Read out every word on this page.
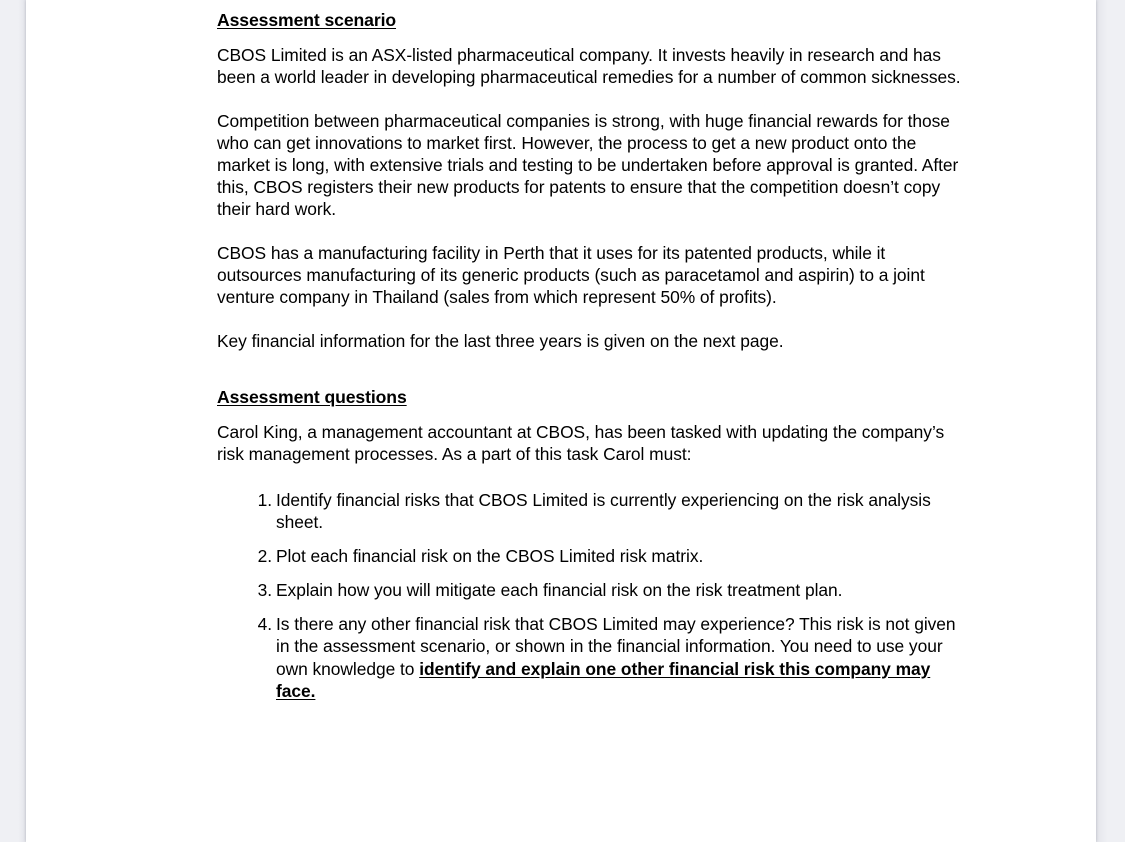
Assessment scenario

CBOS Limited is an ASX-listed pharmaceutical company. It invests heavily in research and has been a world leader in developing pharmaceutical remedies for a number of common sicknesses.

Competition between pharmaceutical companies is strong, with huge financial rewards for those who can get innovations to market first. However, the process to get a new product onto the market is long, with extensive trials and testing to be undertaken before approval is granted. After this, CBOS registers their new products for patents to ensure that the competition doesn’t copy their hard work.

CBOS has a manufacturing facility in Perth that it uses for its patented products, while it outsources manufacturing of its generic products (such as paracetamol and aspirin) to a joint venture company in Thailand (sales from which represent 50% of profits).

Key financial information for the last three years is given on the next page.

Assessment questions

Carol King, a management accountant at CBOS, has been tasked with updating the company’s risk management processes. As a part of this task Carol must:

1. Identify financial risks that CBOS Limited is currently experiencing on the risk analysis sheet.
2. Plot each financial risk on the CBOS Limited risk matrix.
3. Explain how you will mitigate each financial risk on the risk treatment plan.
4. Is there any other financial risk that CBOS Limited may experience? This risk is not given in the assessment scenario, or shown in the financial information. You need to use your own knowledge to identify and explain one other financial risk this company may face.
